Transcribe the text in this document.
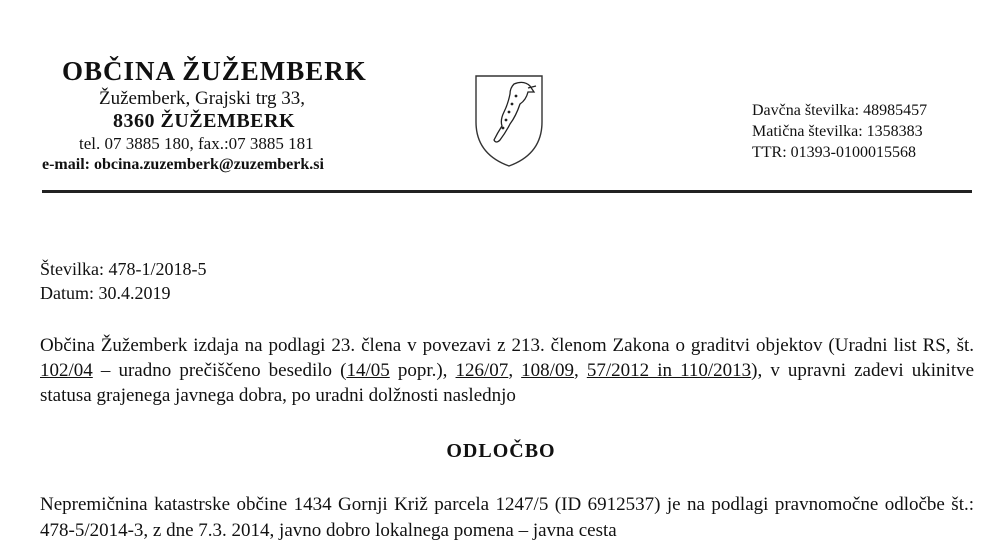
OBČINA ŽUŽEMBERK
Žužemberk, Grajski trg 33,
8360 ŽUŽEMBERK
tel. 07 3885 180, fax.:07 3885 181
e-mail: obcina.zuzemberk@zuzemberk.si
Davčna številka: 48985457
Matična številka: 1358383
TTR: 01393-0100015568
Številka: 478-1/2018-5
Datum: 30.4.2019
Občina Žužemberk izdaja na podlagi 23. člena v povezavi z 213. členom Zakona o graditvi objektov (Uradni list RS, št. 102/04 – uradno prečiščeno besedilo (14/05 popr.), 126/07, 108/09, 57/2012 in 110/2013), v upravni zadevi ukinitve statusa grajenega javnega dobra, po uradni dolžnosti naslednjo
ODLOČBO
Nepremičnina katastrske občine 1434 Gornji Križ parcela 1247/5 (ID 6912537) je na podlagi pravnomočne odločbe št.: 478-5/2014-3, z dne 7.3. 2014, javno dobro lokalnega pomena – javna cesta
